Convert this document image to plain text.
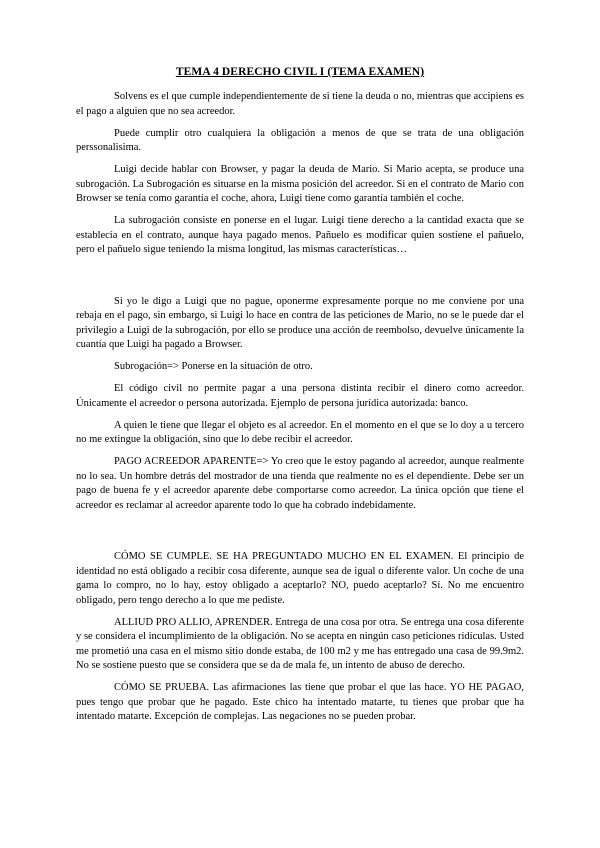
TEMA 4 DERECHO CIVIL I (TEMA EXAMEN)

Solvens es el que cumple independientemente de si tiene la deuda o no, mientras que accipiens es el pago a alguien que no sea acreedor.

Puede cumplir otro cualquiera la obligación a menos de que se trata de una obligación perssonalisima.

Luigi decide hablar con Browser, y pagar la deuda de Mario. Si Mario acepta, se produce una subrogación. La Subrogación es situarse en la misma posición del acreedor. Si en el contrato de Mario con Browser se tenía como garantía el coche, ahora, Luigi tiene como garantía también el coche.

La subrogación consiste en ponerse en el lugar. Luigi tiene derecho a la cantidad exacta que se establecía en el contrato, aunque haya pagado menos. Pañuelo es modificar quien sostiene el pañuelo, pero el pañuelo sigue teniendo la misma longitud, las mismas características…

Si yo le digo a Luigi que no pague, oponerme expresamente porque no me conviene por una rebaja en el pago, sin embargo, si Luigi lo hace en contra de las peticiones de Mario, no se le puede dar el privilegio a Luigi de la subrogación, por ello se produce una acción de reembolso, devuelve únicamente la cuantía que Luigi ha pagado a Browser.

Subrogación=> Ponerse en la situación de otro.

El código civil no permite pagar a una persona distinta recibir el dinero como acreedor. Únicamente el acreedor o persona autorizada. Ejemplo de persona jurídica autorizada: banco.

A quien le tiene que llegar el objeto es al acreedor. En el momento en el que se lo doy a u tercero no me extingue la obligación, sino que lo debe recibir el acreedor.

PAGO ACREEDOR APARENTE=> Yo creo que le estoy pagando al acreedor, aunque realmente no lo sea. Un hombre detrás del mostrador de una tienda que realmente no es el dependiente. Debe ser un pago de buena fe y el acreedor aparente debe comportarse como acreedor. La única opción que tiene el acreedor es reclamar al acreedor aparente todo lo que ha cobrado indebidamente.

CÓMO SE CUMPLE. SE HA PREGUNTADO MUCHO EN EL EXAMEN. El principio de identidad no está obligado a recibir cosa diferente, aunque sea de igual o diferente valor. Un coche de una gama lo compro, no lo hay, estoy obligado a aceptarlo? NO, puedo aceptarlo? Sí. No me encuentro obligado, pero tengo derecho a lo que me pediste.

ALLIUD PRO ALLIO, APRENDER. Entrega de una cosa por otra. Se entrega una cosa diferente y se considera el incumplimiento de la obligación. No se acepta en ningún caso peticiones ridículas. Usted me prometió una casa en el mismo sitio donde estaba, de 100 m2 y me has entregado una casa de 99.9m2. No se sostiene puesto que se considera que se da de mala fe, un intento de abuso de derecho.

CÓMO SE PRUEBA. Las afirmaciones las tiene que probar el que las hace. YO HE PAGAO, pues tengo que probar que he pagado. Este chico ha intentado matarte, tu tienes que probar que ha intentado matarte. Excepción de complejas. Las negaciones no se pueden probar.
